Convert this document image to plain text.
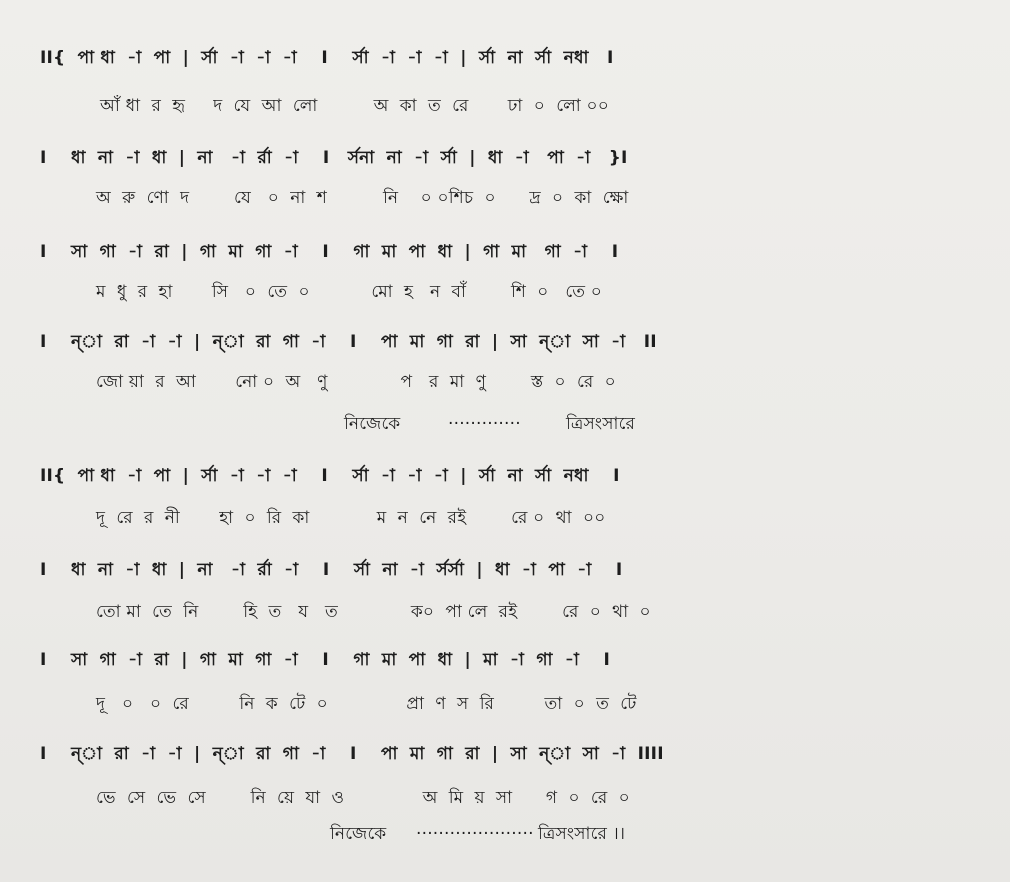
II{  পা ধা  -া  পা  |  র্সা  -া  -া  -া    I    র্সা  -া  -া  -া  |  র্সা  না  র্সা  নধা   I
আঁ ধা  র  হৃ     দ  যে  আ  লো          অ  কা  ত  রে       ঢা  ০  লো ০০
I    ধা  না  -া  ধা  |  না   -া  র্রা  -া    I   র্সনা  না  -া  র্সা  |  ধা  -া   পা  -া   }I
অ  রু  ণো  দ        যে   ০  না  শ          নি    ০ ০শিচ  ০      দ্র  ০  কা  ক্ষো
I    সা  গা  -া  রা  |  গা  মা  গা  -া    I    গা  মা  পা  ধা  |  গা  মা   গা  -া    I
ম  ধু  র  হা       সি   ০  তে  ০           মো  হ   ন  বাঁ        শি  ০   তে ০
I    ন্া  রা  -া  -া  |  ন্া  রা  গা  -া    I    পা  মা  গা  রা  |  সা  ন্া  সা  -া   II
জো য়া  র  আ       নো ০  অ   ণু             প   র  মা  ণু        স্ত  ০  রে  ০
নিজেকে	·············	ত্রিসংসারে
II{  পা ধা  -া  পা  |  র্সা  -া  -া  -া    I    র্সা  -া  -া  -া  |  র্সা  না  র্সা  নধা    I
দূ  রে  র  নী       হা  ০  রি  কা            ম  ন  নে  রই        রে ০  থা  ০০
I    ধা  না  -া  ধা  |  না   -া  র্রা  -া    I    র্সা  না  -া  র্সর্সা  |  ধা  -া  পা  -া    I
তো মা  তে  নি        হি  ত   য   ত             ক০  পা লে  রই        রে  ০  থা  ০
I    সা  গা  -া  রা  |  গা  মা  গা  -া    I    গা  মা  পা  ধা  |  মা  -া  গা  -া    I
দূ   ০   ০  রে         নি  ক  টে  ০              প্রা  ণ  স  রি         তা  ০  ত  টে
I    ন্া  রা  -া  -া  |  ন্া  রা  গা  -া    I    পা  মা  গা  রা  |  সা  ন্া  সা  -া  IIII
ভে  সে  ভে  সে        নি  য়ে  যা  ও              অ  মি  য়  সা      গ  ০  রে  ০
নিজেকে ····················· ত্রিসংসারে ।।
